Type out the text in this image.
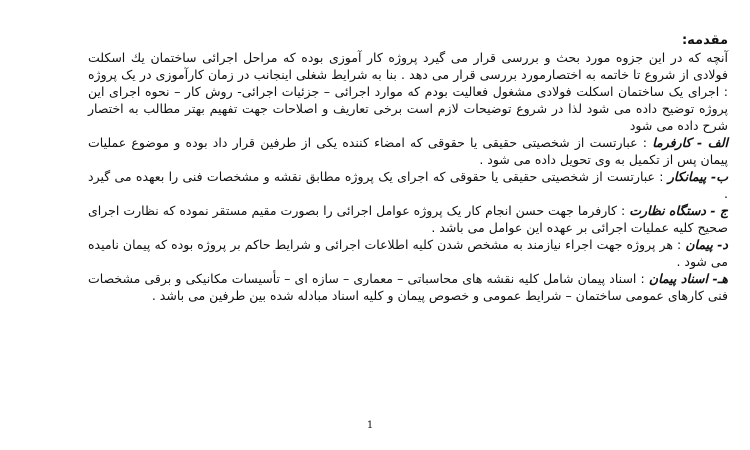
مقدمه:

آنچه که در این جزوه مورد بحث و بررسی قرار می گیرد پروژه کار آموزی بوده که مراحل اجرائی ساختمان یك اسكلت فولادی از شروع تا خاتمه به اختصارمورد بررسی قرار می دهد . بنا به شرایط شغلی اینجانب در زمان کارآموزی در یک پروژه : اجرای یک ساختمان اسکلت فولادی مشغول فعالیت بودم که موارد اجرائی – جزئیات اجرائی- روش کار – نحوه اجرای این پروژه توضیح داده می شود لذا در شروع توضیحات لازم است برخی تعاریف و اصلاحات جهت تفهیم بهتر مطالب به اختصار شرح داده می شود

الف - كارفرما : عبارتست از شخصیتی حقیقی یا حقوقی که امضاء کننده یکی از طرفین قرار داد بوده و موضوع عملیات پیمان پس از تکمیل به وی تحویل داده می شود .

ب- پیمانكار : عبارتست از شخصیتی حقیقی یا حقوقی که اجرای یک پروژه مطابق نقشه و مشخصات فنی را بعهده می گیرد .

ج - دستگاه نظارت : کارفرما جهت حسن انجام کار یک پروژه عوامل اجرائی را بصورت مقیم مستقر نموده که نظارت اجرای صحیح کلیه عملیات اجرائی بر عهده این عوامل می باشد .

د- پیمان : هر پروژه جهت اجراء نیازمند به مشخص شدن کلیه اطلاعات اجرائی و شرایط حاکم بر پروژه بوده که پیمان نامیده می شود .

هـ- اسناد پیمان : اسناد پیمان شامل کلیه نقشه های محاسباتی – معماری – سازه ای – تأسیسات مکانیکی و برقی مشخصات فنی کارهای عمومی ساختمان – شرایط عمومی و خصوص پیمان و کلیه اسناد مبادله شده بین طرفین می باشد .

1
